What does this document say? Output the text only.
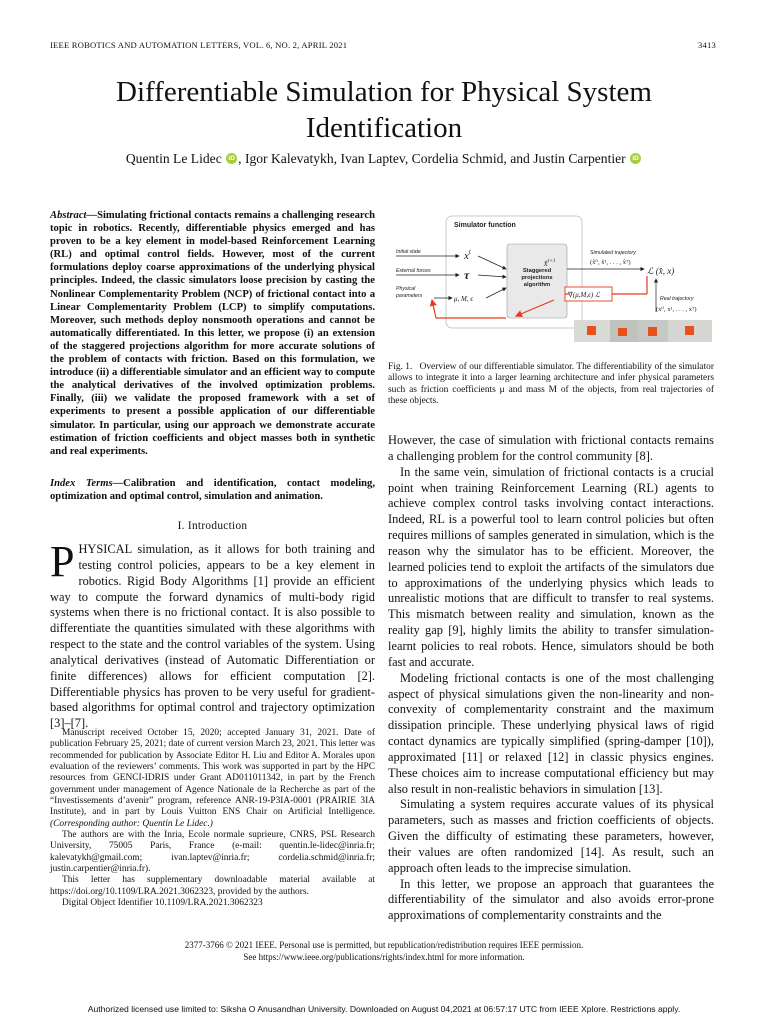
IEEE ROBOTICS AND AUTOMATION LETTERS, VOL. 6, NO. 2, APRIL 2021	3413
Differentiable Simulation for Physical System
Identification
Quentin Le Lidec iD , Igor Kalevatykh, Ivan Laptev, Cordelia Schmid, and Justin Carpentier iD
Abstract—Simulating frictional contacts remains a challenging research topic in robotics. Recently, differentiable physics emerged and has proven to be a key element in model-based Reinforcement Learning (RL) and optimal control fields. However, most of the current formulations deploy coarse approximations of the underlying physical principles. Indeed, the classic simulators loose precision by casting the Nonlinear Complementarity Problem (NCP) of frictional contact into a Linear Complementarity Problem (LCP) to simplify computations. Moreover, such methods deploy nonsmooth operations and cannot be automatically differentiated. In this letter, we propose (i) an extension of the staggered projections algorithm for more accurate solutions of the problem of contacts with friction. Based on this formulation, we introduce (ii) a differentiable simulator and an efficient way to compute the analytical derivatives of the involved optimization problems. Finally, (iii) we validate the proposed framework with a set of experiments to present a possible application of our differentiable simulator. In particular, using our approach we demonstrate accurate estimation of friction coefficients and object masses both in synthetic and real experiments.
Index Terms—Calibration and identification, contact modeling, optimization and optimal control, simulation and animation.
I. Introduction
PHYSICAL simulation, as it allows for both training and testing control policies, appears to be a key element in robotics. Rigid Body Algorithms [1] provide an efficient way to compute the forward dynamics of multi-body rigid systems when there is no frictional contact. It is also possible to differentiate the quantities simulated with these algorithms with respect to the state and the control variables of the system. Using analytical derivatives (instead of Automatic Differentiation or finite differences) allows for efficient computation [2]. Differentiable physics has proven to be very useful for gradient-based algorithms for optimal control and trajectory optimization [3]–[7].

Manuscript received October 15, 2020; accepted January 31, 2021. Date of publication February 25, 2021; date of current version March 23, 2021. This letter was recommended for publication by Associate Editor H. Liu and Editor A. Morales upon evaluation of the reviewers’ comments. This work was supported in part by the HPC resources from GENCI-IDRIS under Grant AD011011342, in part by the French government under management of Agence Nationale de la Recherche as part of the “Investissements d’avenir” program, reference ANR-19-P3IA-0001 (PRAIRIE 3IA Institute), and in part by Louis Vuitton ENS Chair on Artificial Intelligence. (Corresponding author: Quentin Le Lidec.)

The authors are with the Inria, Ecole normale suprieure, CNRS, PSL Research University, 75005 Paris, France (e-mail: quentin.le-lidec@inria.fr; kalevatykh@gmail.com; ivan.laptev@inria.fr; cordelia.schmid@inria.fr; justin.carpentier@inria.fr).

This letter has supplementary downloadable material available at https://doi.org/10.1109/LRA.2021.3062323, provided by the authors.

Digital Object Identifier 10.1109/LRA.2021.3062323

Simulator function
Initial state
External forces
Physical
parameters
$x^t$
τ
μ, M, ϵ
Staggered
projections
algorithm
x̂$^{t+1}$
Simulated trajectory
(x̂⁰, x̂¹, . . . , x̂ᵀ)
ℒ (x̂, x)
Real trajectory
(x⁰, x¹, . . . , xᵀ)
∇(μ,M,ϵ) ℒ
Fig. 1. Overview of our differentiable simulator. The differentiability of the simulator allows to integrate it into a larger learning architecture and infer physical parameters such as friction coefficients μ and mass M of the objects, from real trajectories of these objects.

However, the case of simulation with frictional contacts remains a challenging problem for the control community [8].

In the same vein, simulation of frictional contacts is a crucial point when training Reinforcement Learning (RL) agents to achieve complex control tasks involving contact interactions. Indeed, RL is a powerful tool to learn control policies but often requires millions of samples generated in simulation, which is the reason why the simulator has to be efficient. Moreover, the learned policies tend to exploit the artifacts of the simulators due to approximations of the underlying physics which leads to unrealistic motions that are difficult to transfer to real systems. This mismatch between reality and simulation, known as the reality gap [9], highly limits the ability to transfer simulation-learnt policies to real robots. Hence, simulators should be both fast and accurate.

Modeling frictional contacts is one of the most challenging aspect of physical simulations given the non-linearity and non-convexity of complementarity constraint and the maximum dissipation principle. These underlying physical laws of rigid contact dynamics are typically simplified (spring-damper [10]), approximated [11] or relaxed [12] in classic physics engines. These choices aim to increase computational efficiency but may also result in non-realistic behaviors in simulation [13].

Simulating a system requires accurate values of its physical parameters, such as masses and friction coefficients of objects. Given the difficulty of estimating these parameters, however, their values are often randomized [14]. As result, such an approach often leads to the imprecise simulation.

In this letter, we propose an approach that guarantees the differentiability of the simulator and also avoids error-prone approximations of complementarity constraints and the

2377-3766 © 2021 IEEE. Personal use is permitted, but republication/redistribution requires IEEE permission.
See https://www.ieee.org/publications/rights/index.html for more information.
Authorized licensed use limited to: Siksha O Anusandhan University. Downloaded on August 04,2021 at 06:57:17 UTC from IEEE Xplore. Restrictions apply.
